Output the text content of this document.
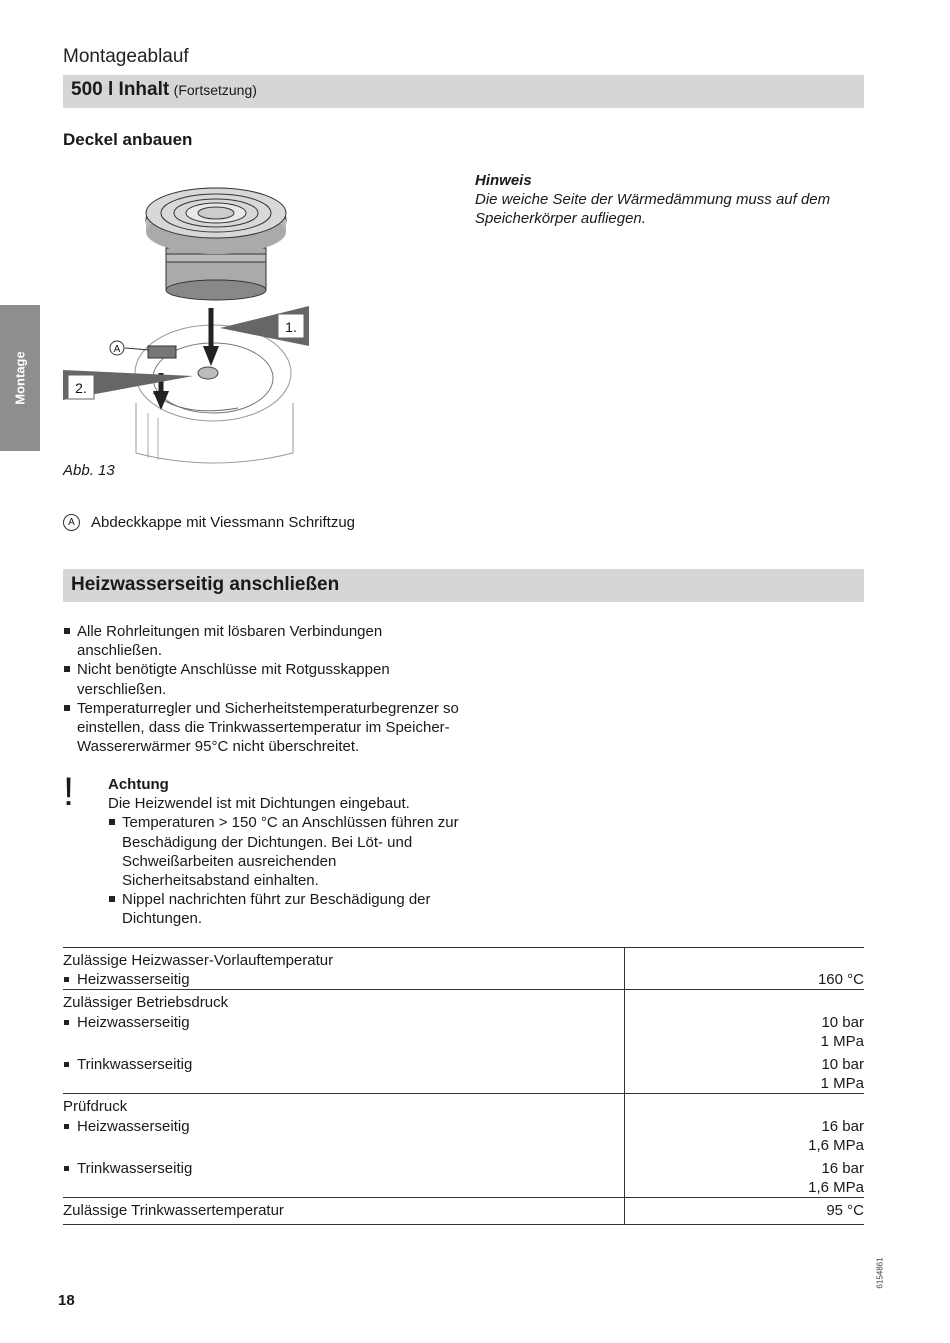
Montageablauf
500 l Inhalt (Fortsetzung)
Montage
Deckel anbauen
Hinweis
Die weiche Seite der Wärmedämmung muss auf dem Speicherkörper aufliegen.
1.
2.
A
Abb. 13
A	Abdeckkappe mit Viessmann Schriftzug
Heizwasserseitig anschließen
Alle Rohrleitungen mit lösbaren Verbindungen anschließen.
Nicht benötigte Anschlüsse mit Rotgusskappen verschließen.
Temperaturregler und Sicherheitstemperaturbegrenzer so einstellen, dass die Trinkwassertemperatur im Speicher-Wassererwärmer 95°C nicht überschreitet.
! Achtung
Die Heizwendel ist mit Dichtungen eingebaut.
Temperaturen > 150 °C an Anschlüssen führen zur Beschädigung der Dichtungen. Bei Löt- und Schweißarbeiten ausreichenden Sicherheitsabstand einhalten.
Nippel nachrichten führt zur Beschädigung der Dichtungen.
Zulässige Heizwasser-Vorlauftemperatur	

Heizwasserseitig	160 °C
Zulässiger Betriebsdruck	

Heizwasserseitig	10 bar
1 MPa

Trinkwasserseitig	10 bar
1 MPa

Prüfdruck	

Heizwasserseitig	16 bar
1,6 MPa

Trinkwasserseitig	16 bar
1,6 MPa

Zulässige Trinkwassertemperatur	95 °C
18
6154861
